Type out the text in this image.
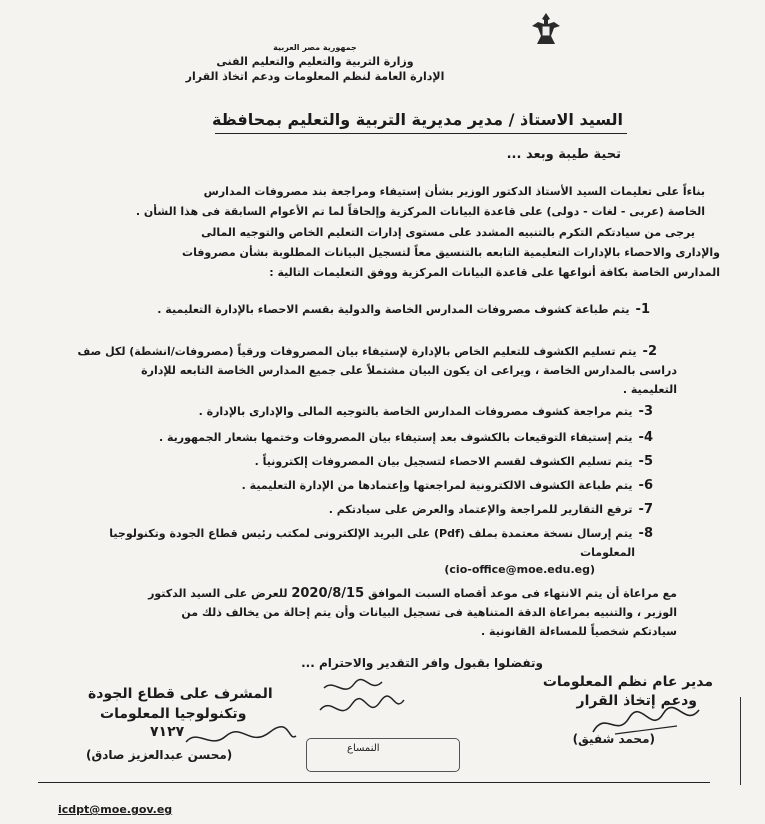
جمهورية مصر العربية
وزارة التربية والتعليم والتعليم الفنى
الإدارة العامة لنظم المعلومات ودعم اتخاذ القرار
السيد الاستاذ / مدير مديرية التربية والتعليم بمحافظة
تحية طيبة وبعد ...
بناءاً على تعليمات السيد الأستاذ الدكتور الوزير بشأن إستيفاء ومراجعة بند مصروفات المدارس
الخاصة (عربى - لغات - دولى) على قاعدة البيانات المركزية وإلحاقاً لما تم الأعوام السابقة فى هذا الشأن .
يرجى من سيادتكم التكرم بالتنبيه المشدد على مستوى إدارات التعليم الخاص والتوجيه المالى
والإدارى والاحصاء بالإدارات التعليمية التابعه بالتنسيق معاً لتسجيل البيانات المطلوبة بشأن مصروفات
المدارس الخاصة بكافة أنواعها على قاعدة البيانات المركزية ووفق التعليمات التالية :
1-يتم طباعة كشوف مصروفات المدارس الخاصة والدولية بقسم الاحصاء بالإدارة التعليمية .
2-يتم تسليم الكشوف للتعليم الخاص بالإدارة لإستيفاء بيان المصروفات ورقياً (مصروفات/انشطة) لكل صف
دراسى بالمدارس الخاصة ، ويراعى ان يكون البيان مشتملاً على جميع المدارس الخاصة التابعه للإدارة
التعليمية .
3-يتم مراجعة كشوف مصروفات المدارس الخاصة بالتوجيه المالى والإدارى بالإدارة .
4-يتم إستيفاء التوقيعات بالكشوف بعد إستيفاء بيان المصروفات وختمها بشعار الجمهورية .
5-يتم تسليم الكشوف لقسم الاحصاء لتسجيل بيان المصروفات إلكترونياً .
6-يتم طباعة الكشوف الالكترونية لمراجعتها وإعتمادها من الإدارة التعليمية .
7-ترفع التقارير للمراجعة والإعتماد والعرض على سيادتكم .
8-يتم إرسال نسخة معتمدة بملف (Pdf) على البريد الإلكترونى لمكتب رئيس قطاع الجودة وتكنولوجيا
المعلومات
(cio-office@moe.edu.eg)
مع مراعاة أن يتم الانتهاء فى موعد أقصاه السبت الموافق 2020/8/15 للعرض على السيد الدكتور
الوزير ، والتنبيه بمراعاة الدقة المتناهية فى تسجيل البيانات وأن يتم إحالة من يخالف ذلك من
سيادتكم شخصياً للمساءلة القانونية .
وتفضلوا بقبول وافر التقدير والاحترام ...
مدير عام نظم المعلومات
ودعم إتخاذ القرار
(محمد شفيق)
المشرف على قطاع الجودة
وتكنولوجيا المعلومات
٧١٢٧
(محسن عبدالعزيز صادق)	النمساع
icdpt@moe.gov.eg
